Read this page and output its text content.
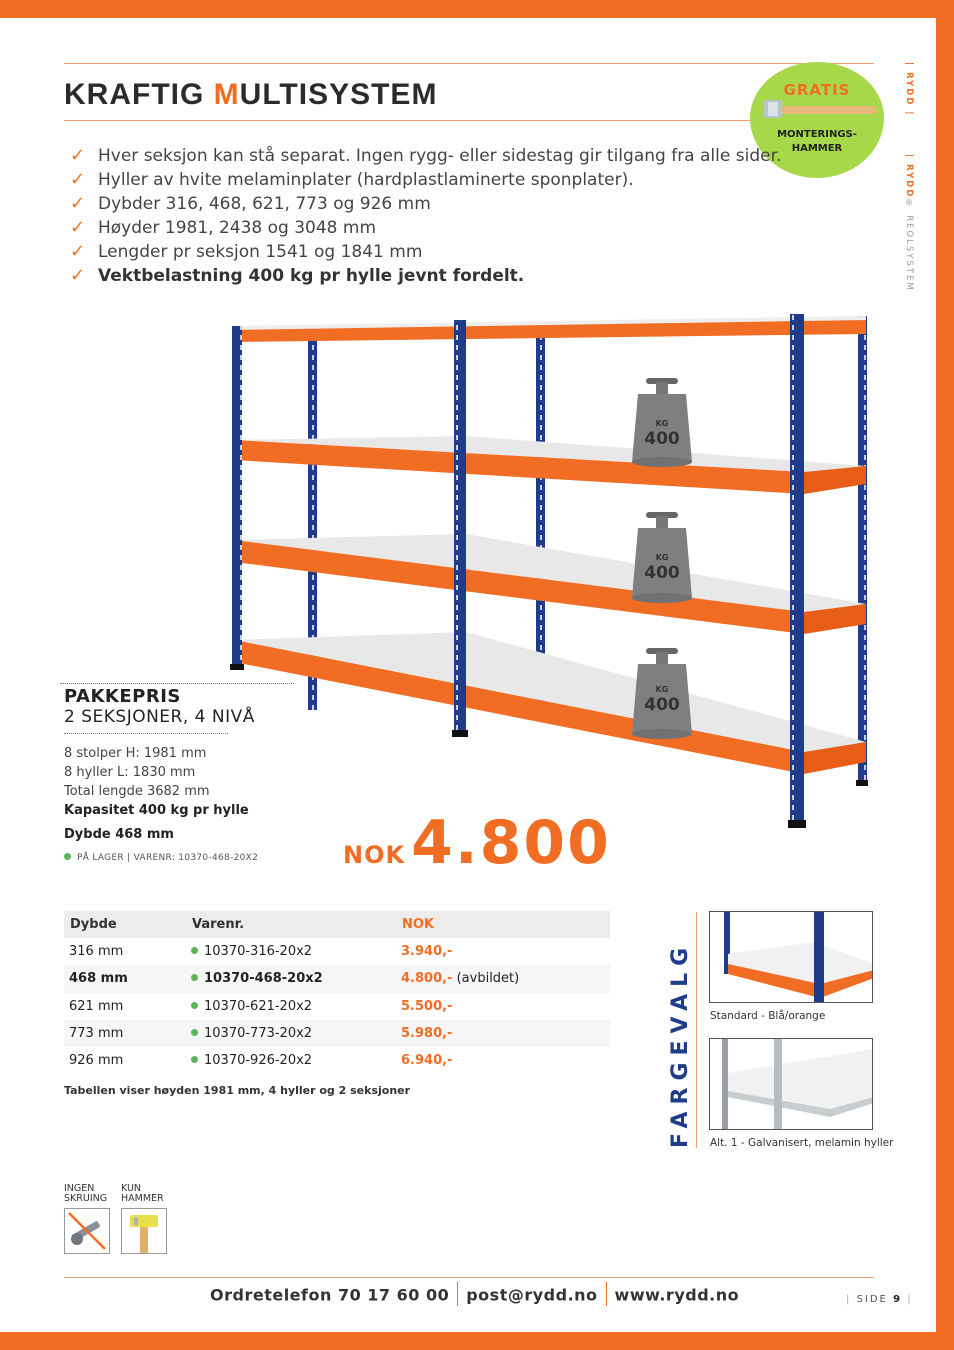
| RYDD |
| RYDD® REOLSYSTEM
KRAFTIG MULTISYSTEM	GRATIS
MONTERINGS-
HAMMER
✓ Hver seksjon kan stå separat. Ingen rygg- eller sidestag gir tilgang fra alle sider.
✓ Hyller av hvite melaminplater (hardplastlaminerte sponplater).
✓ Dybder 316, 468, 621, 773 og 926 mm
✓ Høyder 1981, 2438 og 3048 mm
✓ Lengder pr seksjon 1541 og 1841 mm
✓ Vektbelastning 400 kg pr hylle jevnt fordelt.
KG
400
KG
400
KG
400
PAKKEPRIS
2 SEKSJONER, 4 NIVÅ
8 stolper H: 1981 mm
8 hyller L: 1830 mm
Total lengde 3682 mm
Kapasitet 400 kg pr hylle
Dybde 468 mm
PÅ LAGER | VARENR: 10370-468-20X2	NOK 4.800
Dybde	Varenr.	NOK
316 mm	10370-316-20x2	3.940,-
468 mm	10370-468-20x2	4.800,- (avbildet)
621 mm	10370-621-20x2	5.500,-
773 mm	10370-773-20x2	5.980,-
926 mm	10370-926-20x2	6.940,-
Tabellen viser høyden 1981 mm, 4 hyller og 2 seksjoner	FARGEVALG Standard - Blå/orange
Alt. 1 - Galvanisert, melamin hyller
INGEN
SKRUING
KUN
HAMMER
Ordretelefon 70 17 60 00 post@rydd.no www.rydd.no	| SIDE 9 |
